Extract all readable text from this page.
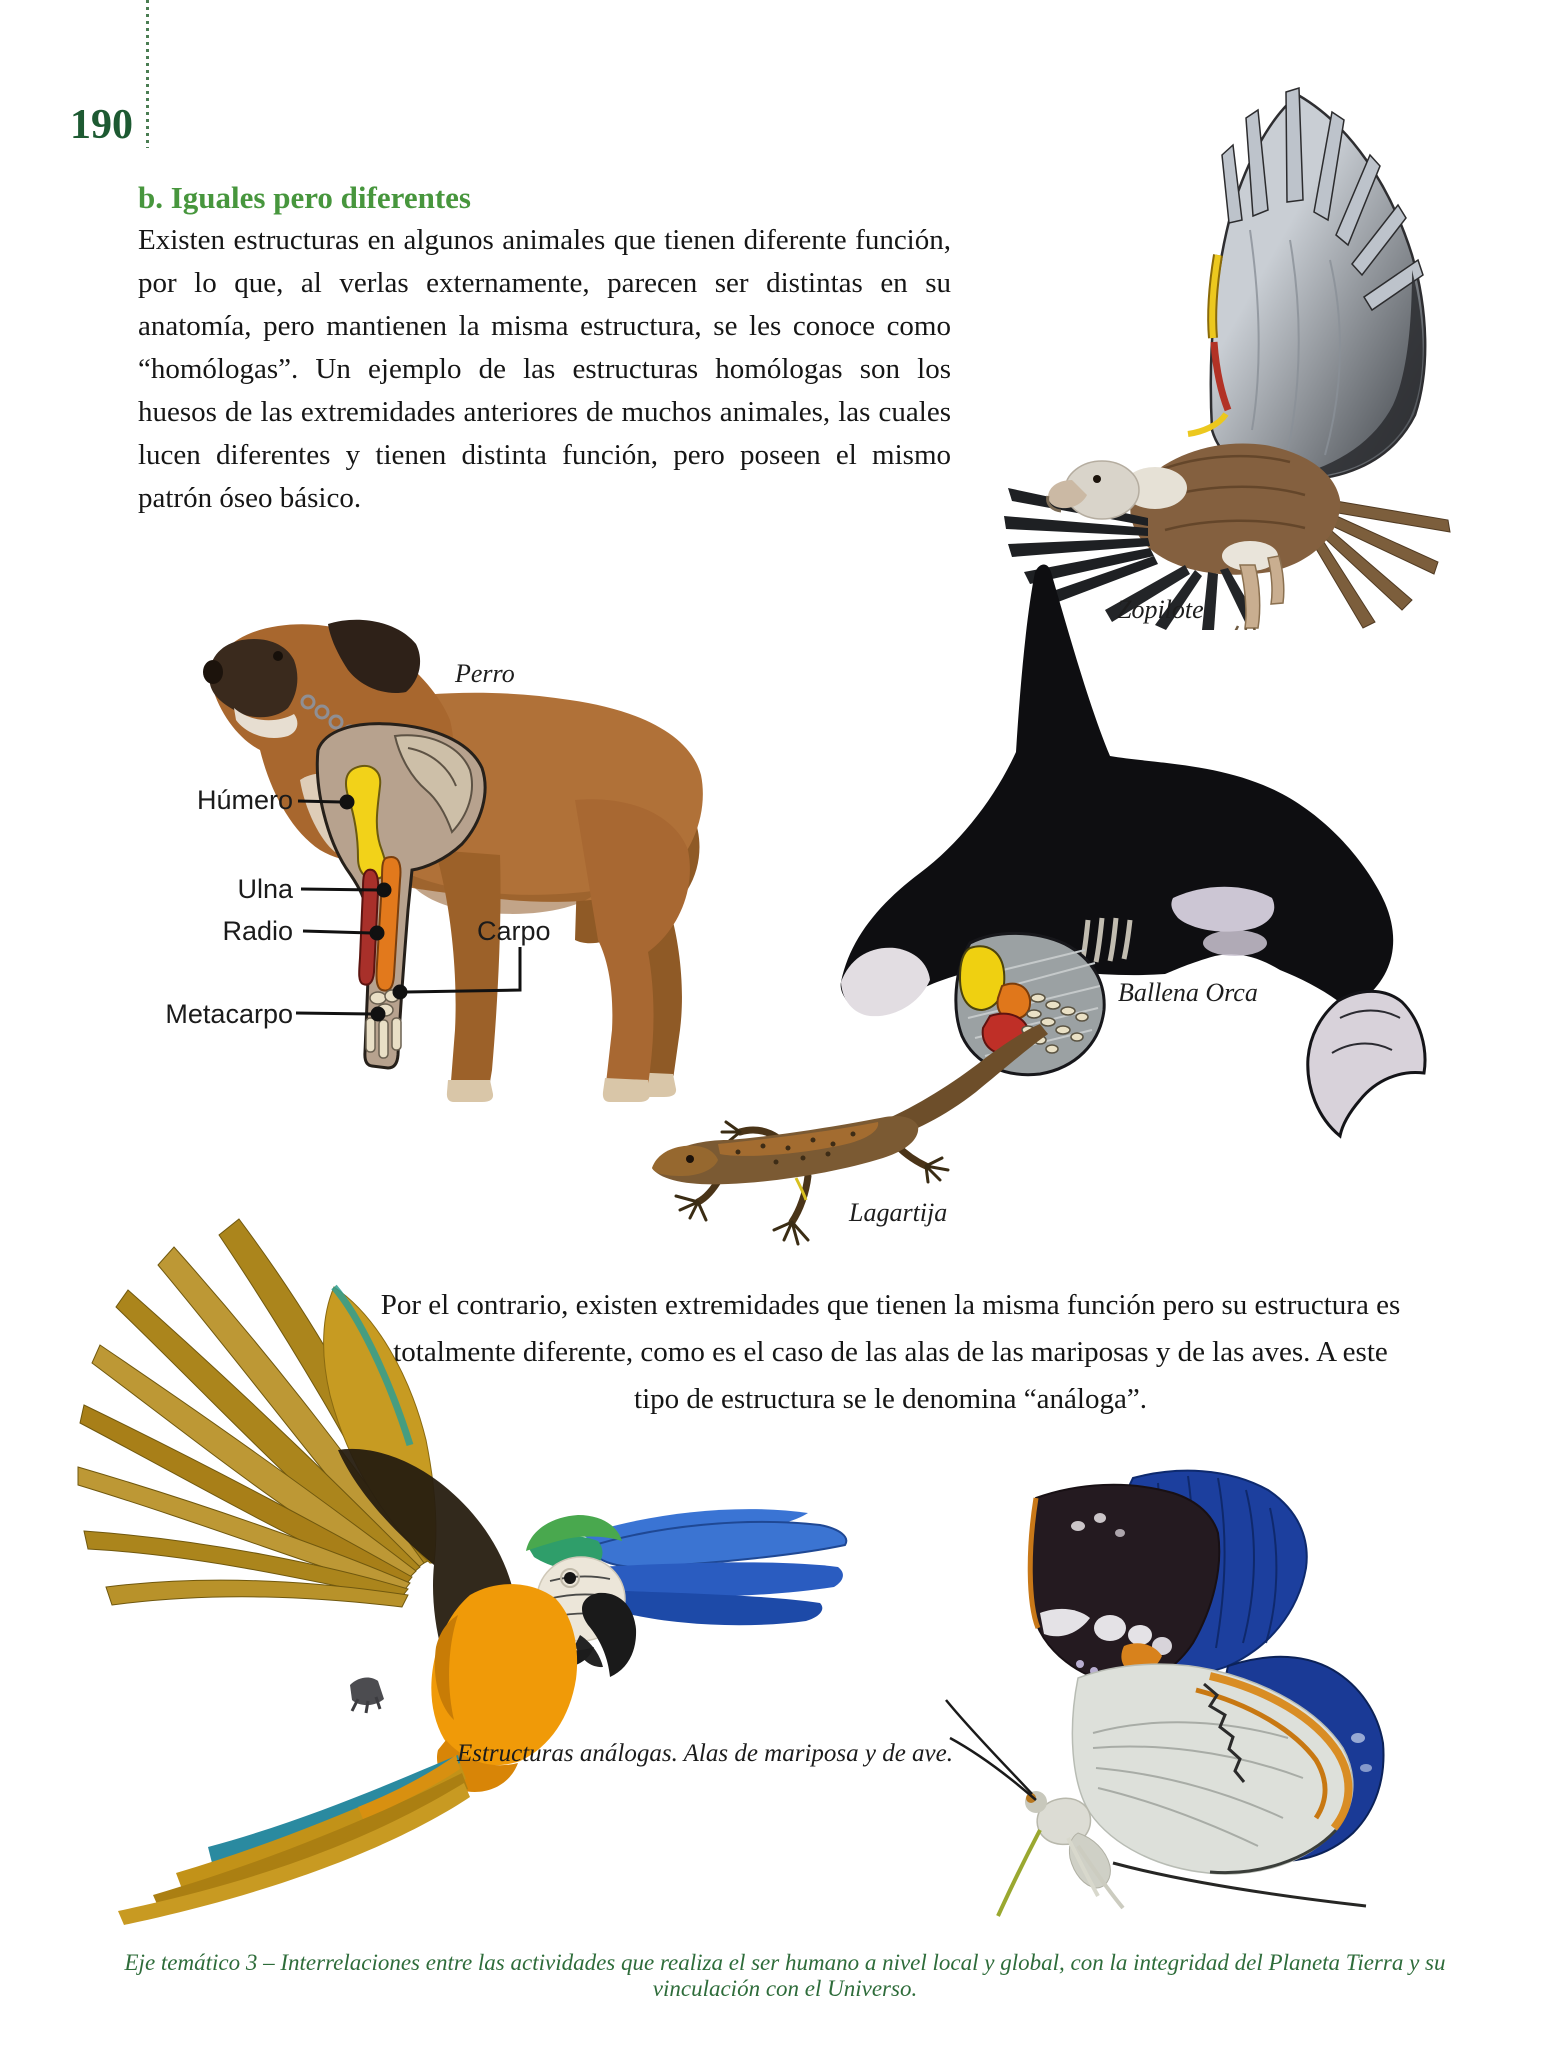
190
b. Iguales pero diferentes
Existen estructuras en algunos animales que tienen diferente función, por lo que, al verlas externamente, parecen ser distintas en su anatomía, pero mantienen la misma estructura, se les conoce como “homólogas”. Un ejemplo de las estructuras homólogas son los huesos de las extremidades anteriores de muchos animales, las cuales lucen diferentes y tienen distinta función, pero poseen el mismo patrón óseo básico.
Zopilote
Perro
Ballena Orca
Lagartija
Húmero
Ulna
Radio	Carpo
Metacarpo
Por el contrario, existen extremidades que tienen la misma función pero su estructura es totalmente diferente, como es el caso de las alas de las mariposas y de las aves. A este tipo de estructura se le denomina “análoga”.
Estructuras análogas. Alas de mariposa y de ave.
Eje temático 3 – Interrelaciones entre las actividades que realiza el ser humano a nivel local y global, con la integridad del Planeta Tierra y su vinculación con el Universo.
